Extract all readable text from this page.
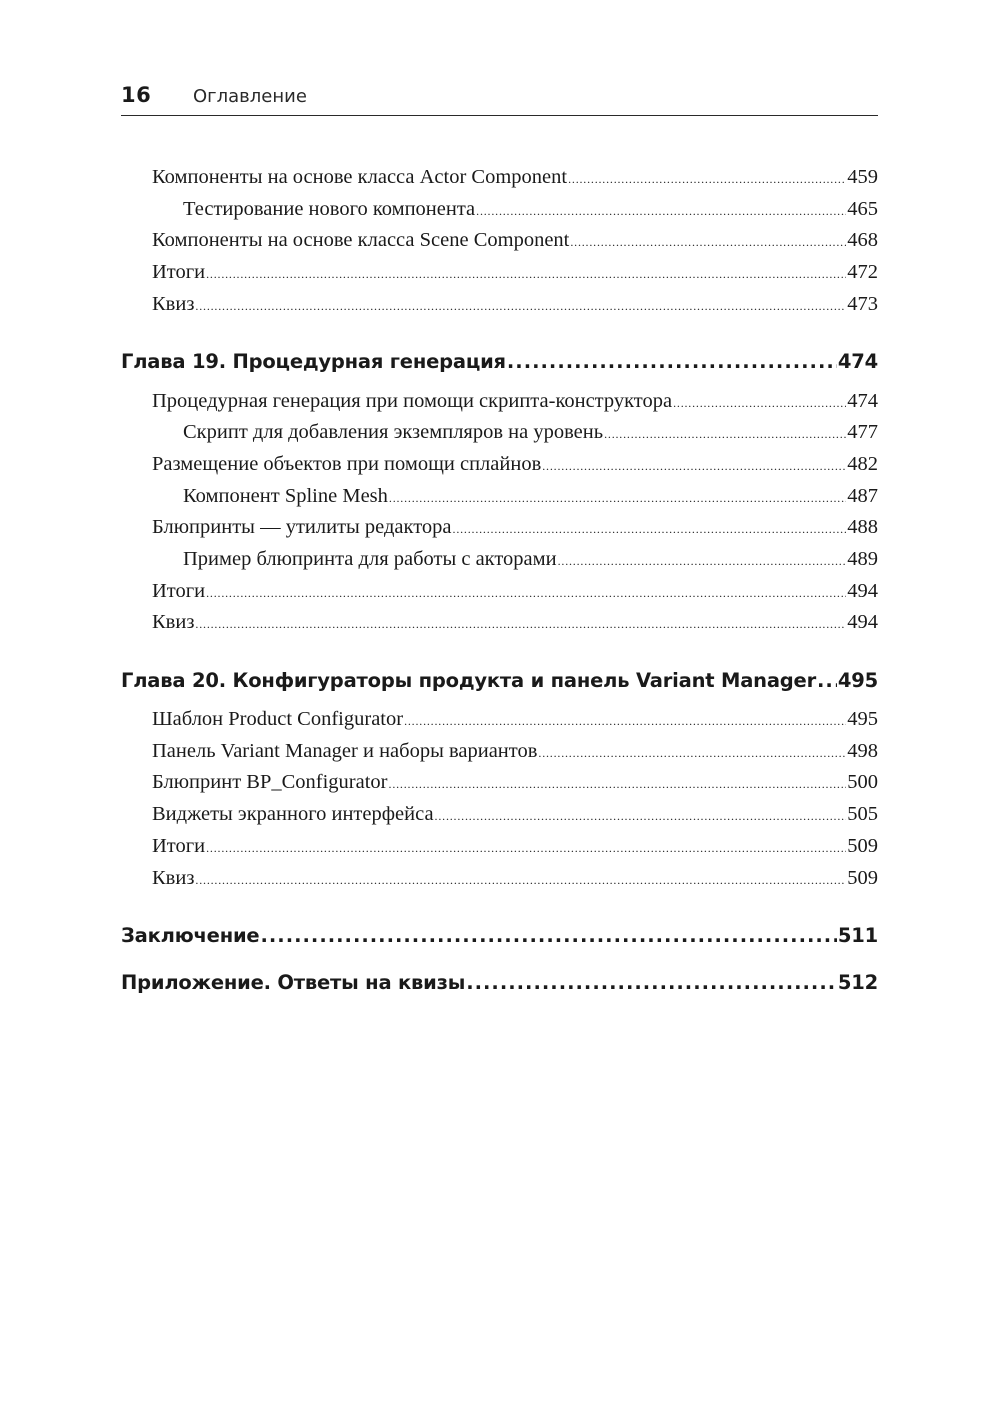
16 Оглавление
Компоненты на основе класса Actor Component .....	459
Тестирование нового компонента .....	465
Компоненты на основе класса Scene Component .....	468
Итоги .....	472
Квиз .....	473
Глава 19. Процедурная генерация .....	474
Процедурная генерация при помощи скрипта-конструктора .....	474
Скрипт для добавления экземпляров на уровень .....	477
Размещение объектов при помощи сплайнов .....	482
Компонент Spline Mesh .....	487
Блюпринты — утилиты редактора .....	488
Пример блюпринта для работы с акторами .....	489
Итоги .....	494
Квиз .....	494
Глава 20. Конфигураторы продукта и панель Variant Manager ..... 495
Шаблон Product Configurator .....	495
Панель Variant Manager и наборы вариантов .....	498
Блюпринт BP_Configurator .....	500
Виджеты экранного интерфейса .....	505
Итоги .....	509
Квиз .....	509
Заключение .....	511
Приложение. Ответы на квизы .....	512
